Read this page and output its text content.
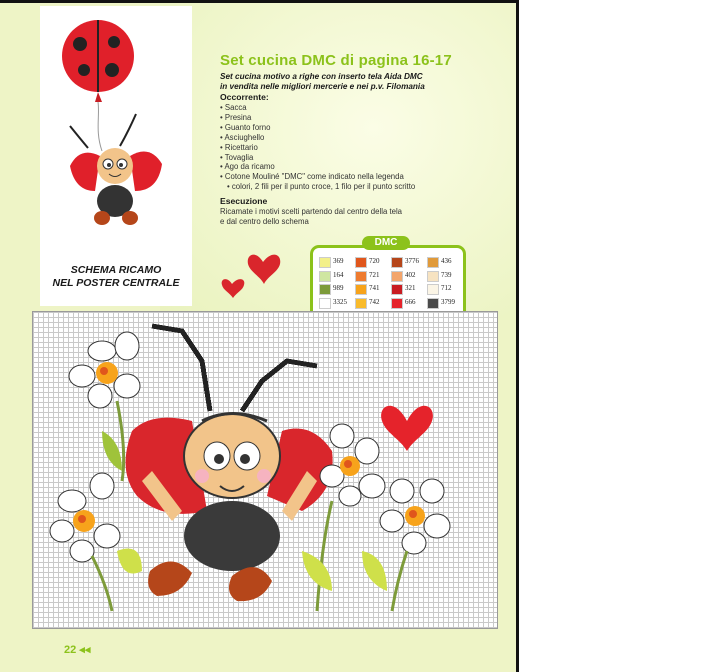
SCHEMA RICAMO
NEL POSTER CENTRALE
Set cucina DMC di pagina 16-17
Set cucina motivo a righe con inserto tela Aida DMC
in vendita nelle migliori mercerie e nei p.v. Filomania
Occorrente:
• Sacca
• Presina
• Guanto forno
• Asciughello
• Ricettario
• Tovaglia
• Ago da ricamo
• Cotone Mouliné "DMC" come indicato nella legenda
• colori, 2 fili per il punto croce, 1 filo per il punto scritto
Esecuzione
Ricamate i motivi scelti partendo dal centro della tela
e dal centro dello schema
369	720	3776	436
164	721	402	739
989	741	321	712
3325	742	666	3799
DMC
22 ◂◂
